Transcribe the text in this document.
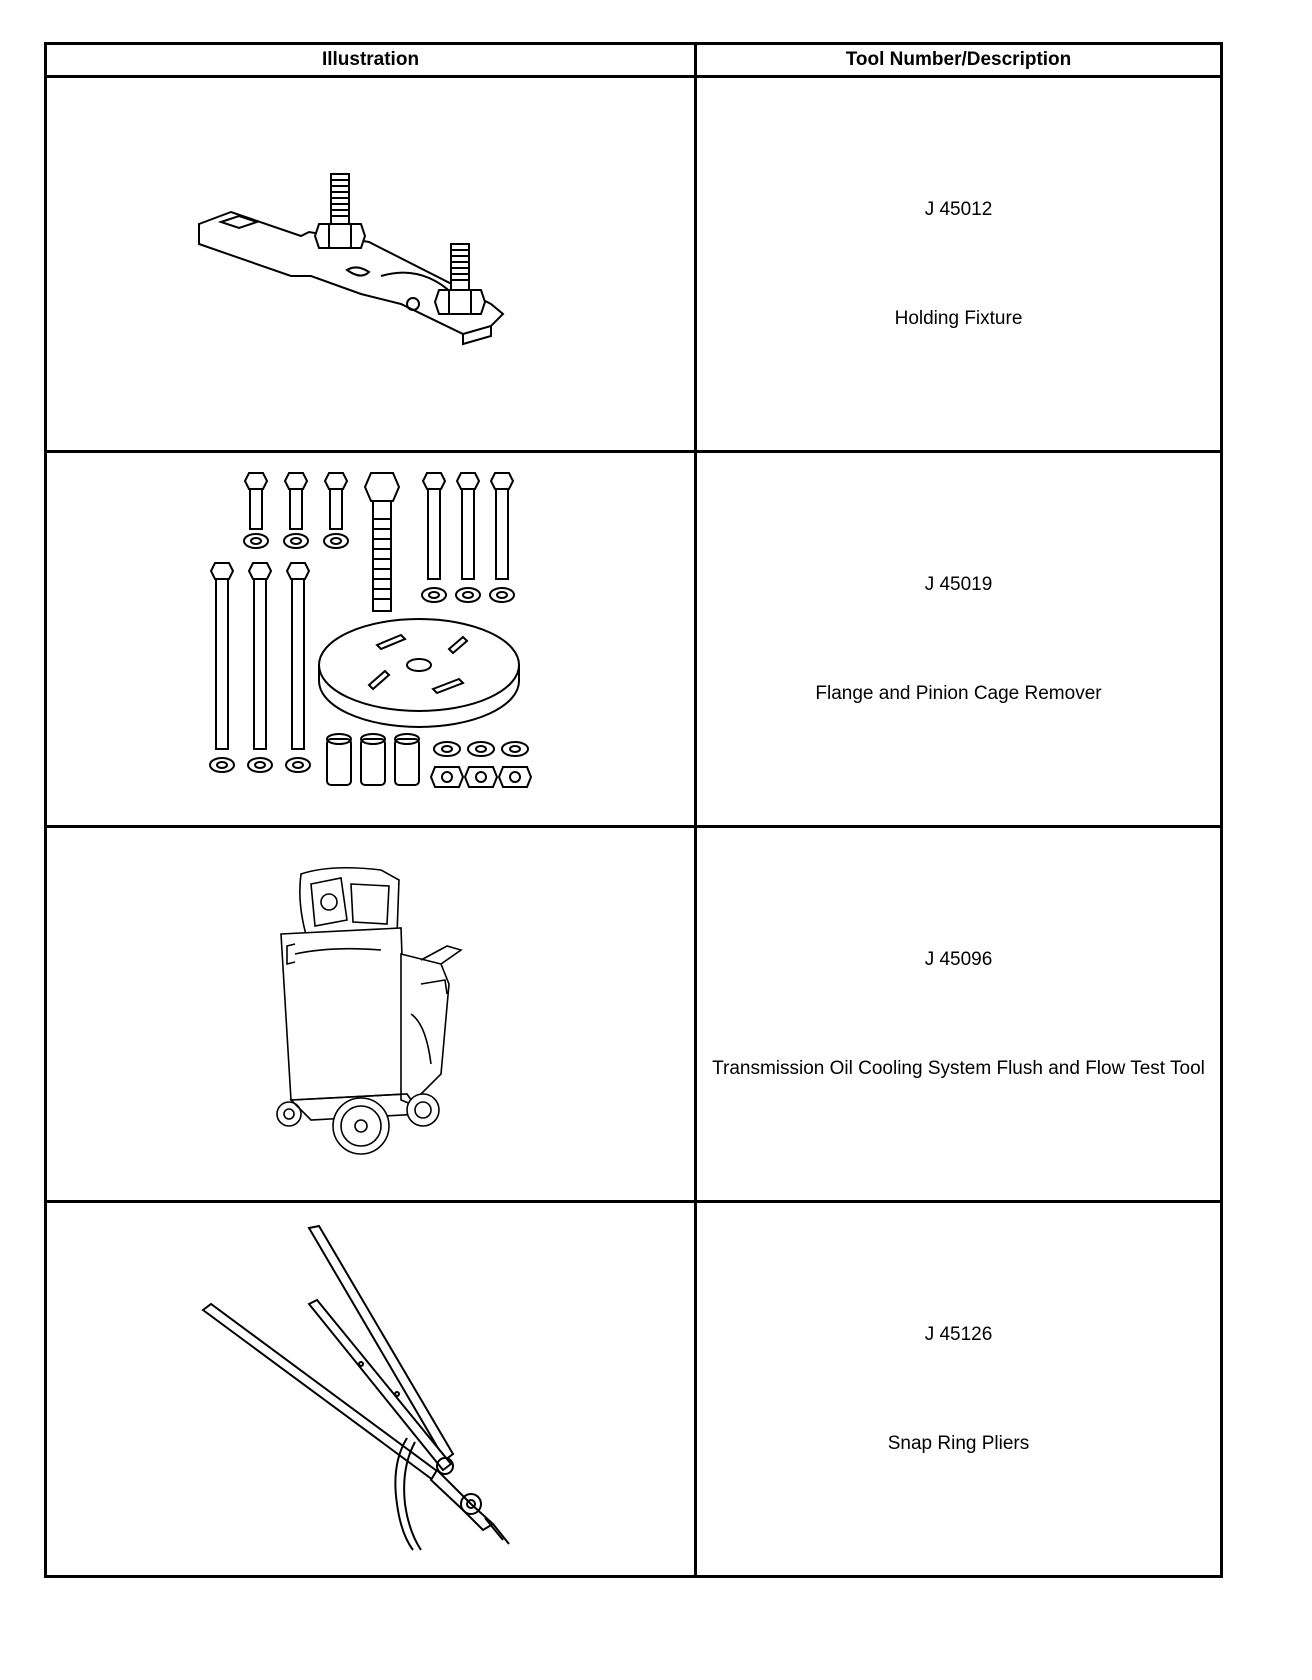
Illustration	Tool Number/Description

J 45012
Holding Fixture

J 45019
Flange and Pinion Cage Remover

J 45096
Transmission Oil Cooling System Flush and Flow Test Tool

J 45126
Snap Ring Pliers
